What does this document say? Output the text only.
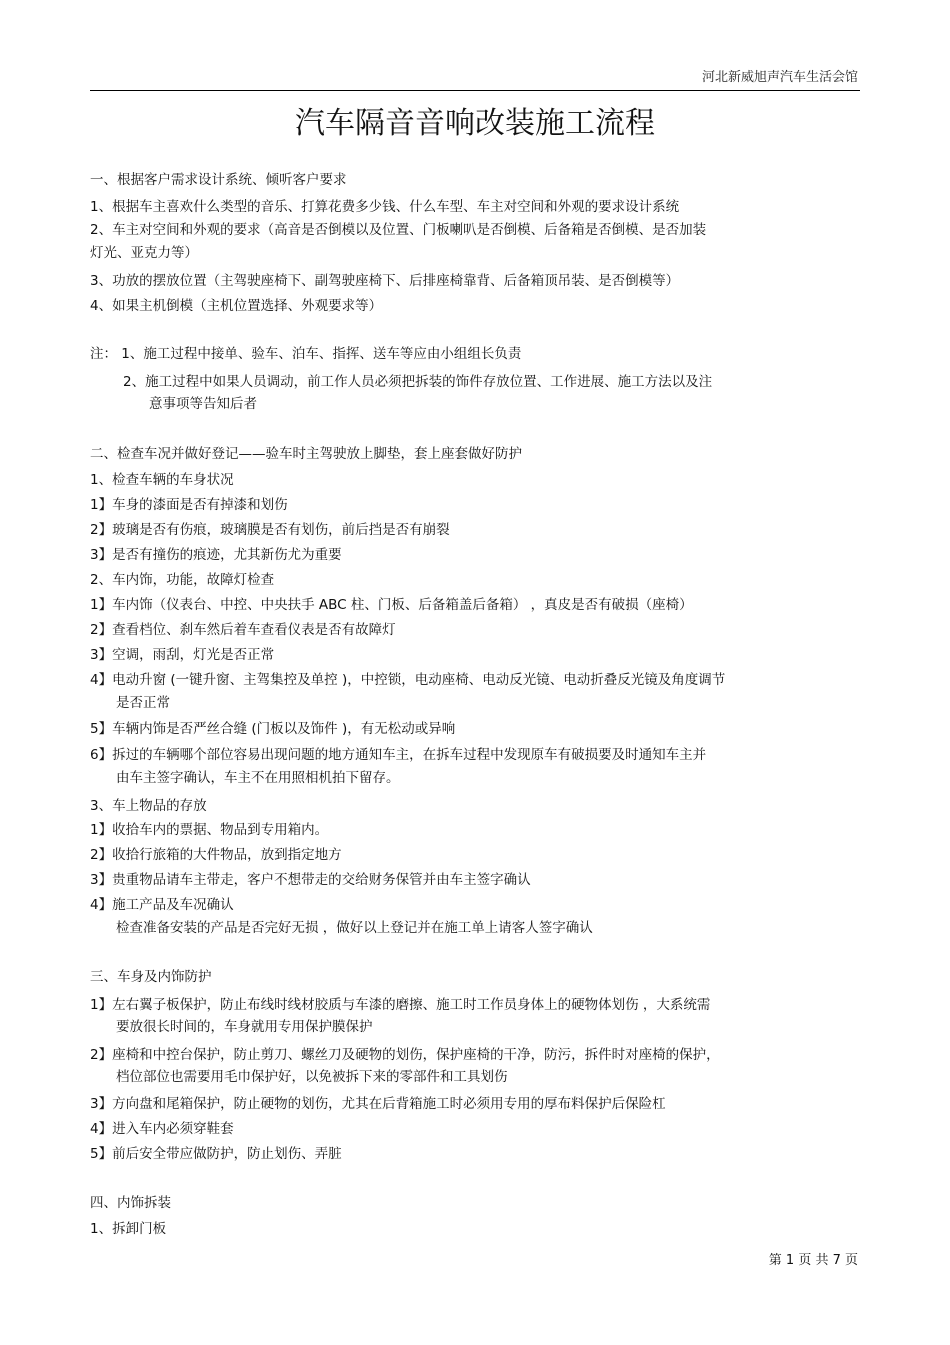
河北新威旭声汽车生活会馆
汽车隔音音响改装施工流程
一、根据客户需求设计系统、倾听客户要求
1、根据车主喜欢什么类型的音乐、打算花费多少钱、什么车型、车主对空间和外观的要求设计系统
2、车主对空间和外观的要求（高音是否倒模以及位置、门板喇叭是否倒模、后备箱是否倒模、是否加装
灯光、亚克力等）
3、功放的摆放位置（主驾驶座椅下、副驾驶座椅下、后排座椅靠背、后备箱顶吊装、是否倒模等）
4、如果主机倒模（主机位置选择、外观要求等）
注： 1、施工过程中接单、验车、泊车、指挥、送车等应由小组组长负责
2、施工过程中如果人员调动，前工作人员必须把拆装的饰件存放位置、工作进展、施工方法以及注
意事项等告知后者
二、检查车况并做好登记——验车时主驾驶放上脚垫，套上座套做好防护
1、检查车辆的车身状况
1】车身的漆面是否有掉漆和划伤
2】玻璃是否有伤痕，玻璃膜是否有划伤，前后挡是否有崩裂
3】是否有撞伤的痕迹，尤其新伤尤为重要
2、车内饰，功能，故障灯检查
1】车内饰（仪表台、中控、中央扶手 ABC 柱、门板、后备箱盖后备箱） ，真皮是否有破损（座椅）
2】查看档位、刹车然后着车查看仪表是否有故障灯
3】空调，雨刮，灯光是否正常
4】电动升窗 (一键升窗、主驾集控及单控 )，中控锁，电动座椅、电动反光镜、电动折叠反光镜及角度调节
是否正常
5】车辆内饰是否严丝合缝 (门板以及饰件 )，有无松动或异响
6】拆过的车辆哪个部位容易出现问题的地方通知车主，在拆车过程中发现原车有破损要及时通知车主并
由车主签字确认，车主不在用照相机拍下留存。
3、车上物品的存放
1】收拾车内的票据、物品到专用箱内。
2】收拾行旅箱的大件物品，放到指定地方
3】贵重物品请车主带走，客户不想带走的交给财务保管并由车主签字确认
4】施工产品及车况确认
检查准备安装的产品是否完好无损 ，做好以上登记并在施工单上请客人签字确认
三、车身及内饰防护
1】左右翼子板保护，防止布线时线材胶质与车漆的磨擦、施工时工作员身体上的硬物体划伤 ，大系统需
要放很长时间的，车身就用专用保护膜保护
2】座椅和中控台保护，防止剪刀、螺丝刀及硬物的划伤，保护座椅的干净，防污，拆件时对座椅的保护，
档位部位也需要用毛巾保护好，以免被拆下来的零部件和工具划伤
3】方向盘和尾箱保护，防止硬物的划伤，尤其在后背箱施工时必须用专用的厚布料保护后保险杠
4】进入车内必须穿鞋套
5】前后安全带应做防护，防止划伤、弄脏
四、内饰拆装
1、拆卸门板
第 1 页 共 7 页
